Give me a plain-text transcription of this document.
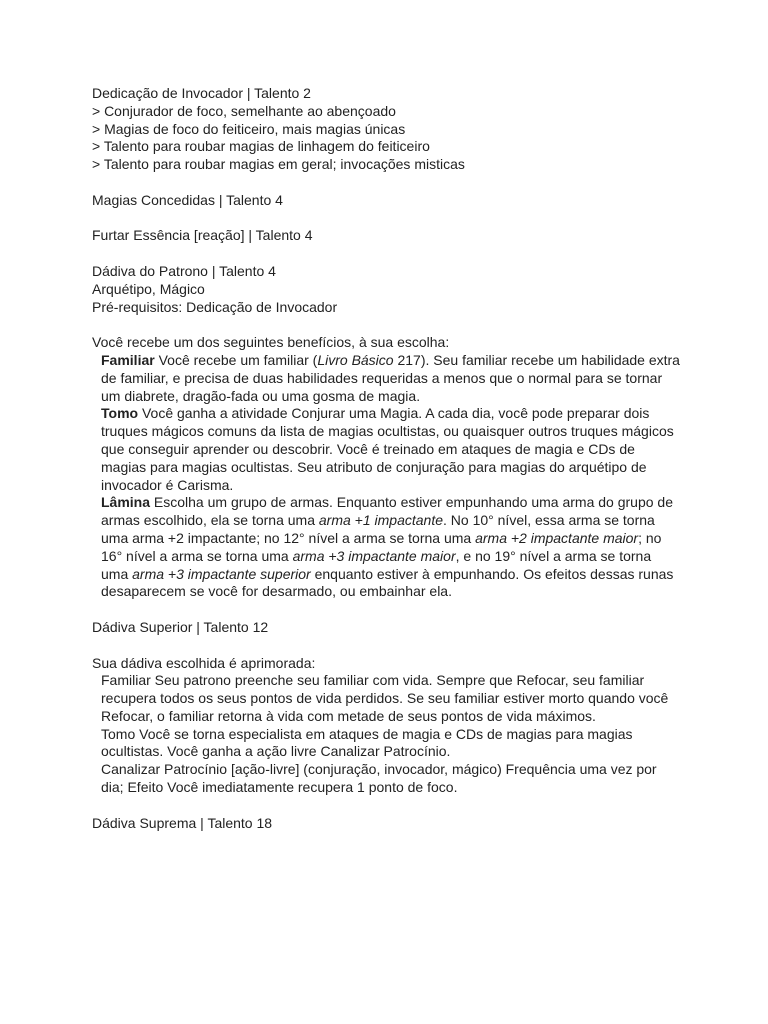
Dedicação de Invocador | Talento 2
> Conjurador de foco, semelhante ao abençoado
> Magias de foco do feiticeiro, mais magias únicas
> Talento para roubar magias de linhagem do feiticeiro
> Talento para roubar magias em geral; invocações misticas
Magias Concedidas | Talento 4
Furtar Essência [reação] | Talento 4
Dádiva do Patrono | Talento 4
Arquétipo, Mágico
Pré-requisitos: Dedicação de Invocador
Você recebe um dos seguintes benefícios, à sua escolha:
Familiar Você recebe um familiar (Livro Básico 217). Seu familiar recebe um habilidade extra de familiar, e precisa de duas habilidades requeridas a menos que o normal para se tornar um diabrete, dragão-fada ou uma gosma de magia.
Tomo Você ganha a atividade Conjurar uma Magia. A cada dia, você pode preparar dois truques mágicos comuns da lista de magias ocultistas, ou quaisquer outros truques mágicos que conseguir aprender ou descobrir. Você é treinado em ataques de magia e CDs de magias para magias ocultistas. Seu atributo de conjuração para magias do arquétipo de invocador é Carisma.
Lâmina Escolha um grupo de armas. Enquanto estiver empunhando uma arma do grupo de armas escolhido, ela se torna uma arma +1 impactante. No 10° nível, essa arma se torna uma arma +2 impactante; no 12° nível a arma se torna uma arma +2 impactante maior; no 16° nível a arma se torna uma arma +3 impactante maior, e no 19° nível a arma se torna uma arma +3 impactante superior enquanto estiver à empunhando. Os efeitos dessas runas desaparecem se você for desarmado, ou embainhar ela.
Dádiva Superior | Talento 12
Sua dádiva escolhida é aprimorada:
Familiar Seu patrono preenche seu familiar com vida. Sempre que Refocar, seu familiar recupera todos os seus pontos de vida perdidos. Se seu familiar estiver morto quando você Refocar, o familiar retorna à vida com metade de seus pontos de vida máximos.
Tomo Você se torna especialista em ataques de magia e CDs de magias para magias ocultistas. Você ganha a ação livre Canalizar Patrocínio.
Canalizar Patrocínio [ação-livre] (conjuração, invocador, mágico) Frequência uma vez por dia; Efeito Você imediatamente recupera 1 ponto de foco.
Dádiva Suprema | Talento 18
